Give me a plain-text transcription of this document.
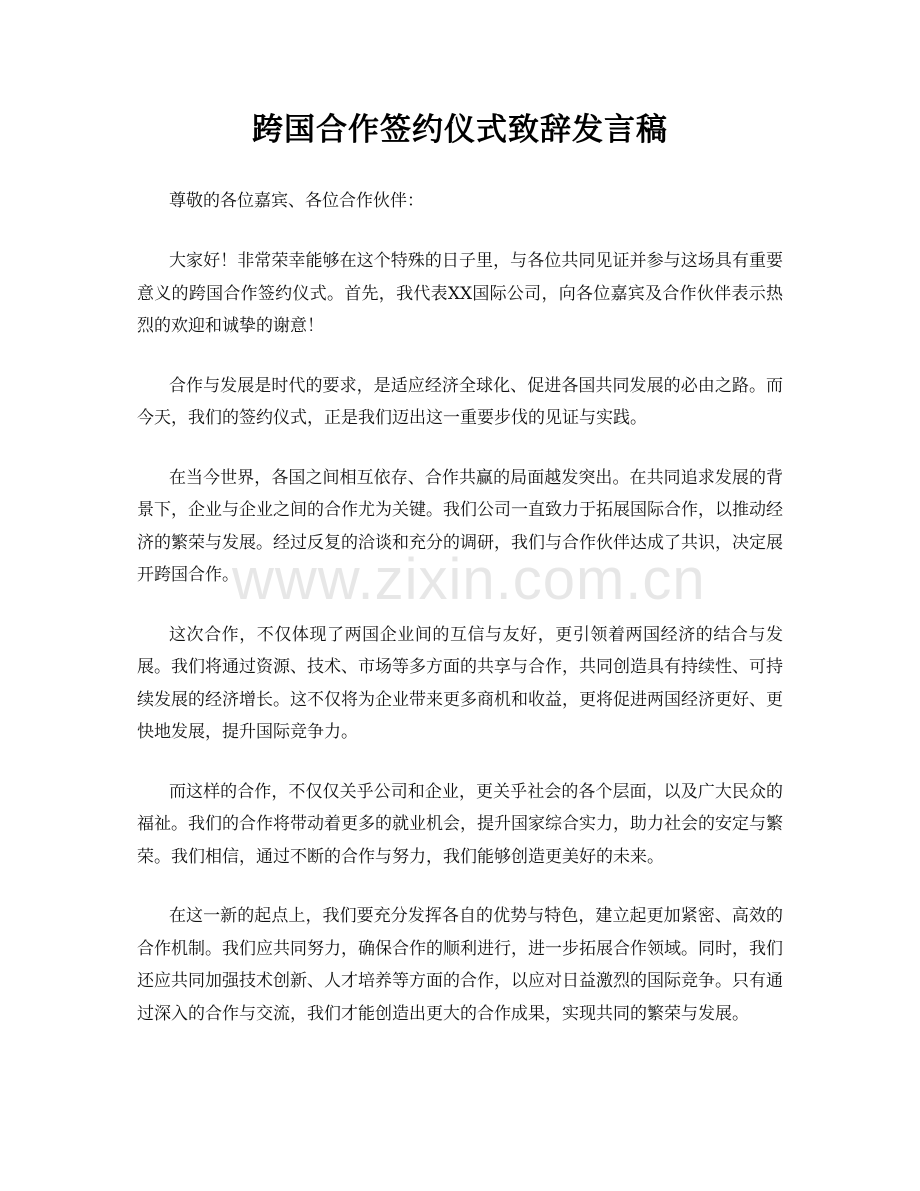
跨国合作签约仪式致辞发言稿

尊敬的各位嘉宾、各位合作伙伴：

大家好！非常荣幸能够在这个特殊的日子里，与各位共同见证并参与这场具有重要意义的跨国合作签约仪式。首先，我代表XX国际公司，向各位嘉宾及合作伙伴表示热烈的欢迎和诚挚的谢意！

合作与发展是时代的要求，是适应经济全球化、促进各国共同发展的必由之路。而今天，我们的签约仪式，正是我们迈出这一重要步伐的见证与实践。

在当今世界，各国之间相互依存、合作共赢的局面越发突出。在共同追求发展的背景下，企业与企业之间的合作尤为关键。我们公司一直致力于拓展国际合作，以推动经济的繁荣与发展。经过反复的洽谈和充分的调研，我们与合作伙伴达成了共识，决定展开跨国合作。

这次合作，不仅体现了两国企业间的互信与友好，更引领着两国经济的结合与发展。我们将通过资源、技术、市场等多方面的共享与合作，共同创造具有持续性、可持续发展的经济增长。这不仅将为企业带来更多商机和收益，更将促进两国经济更好、更快地发展，提升国际竞争力。

而这样的合作，不仅仅关乎公司和企业，更关乎社会的各个层面，以及广大民众的福祉。我们的合作将带动着更多的就业机会，提升国家综合实力，助力社会的安定与繁荣。我们相信，通过不断的合作与努力，我们能够创造更美好的未来。

在这一新的起点上，我们要充分发挥各自的优势与特色，建立起更加紧密、高效的合作机制。我们应共同努力，确保合作的顺利进行，进一步拓展合作领域。同时，我们还应共同加强技术创新、人才培养等方面的合作，以应对日益激烈的国际竞争。只有通过深入的合作与交流，我们才能创造出更大的合作成果，实现共同的繁荣与发展。

www.zixin.com.cn
